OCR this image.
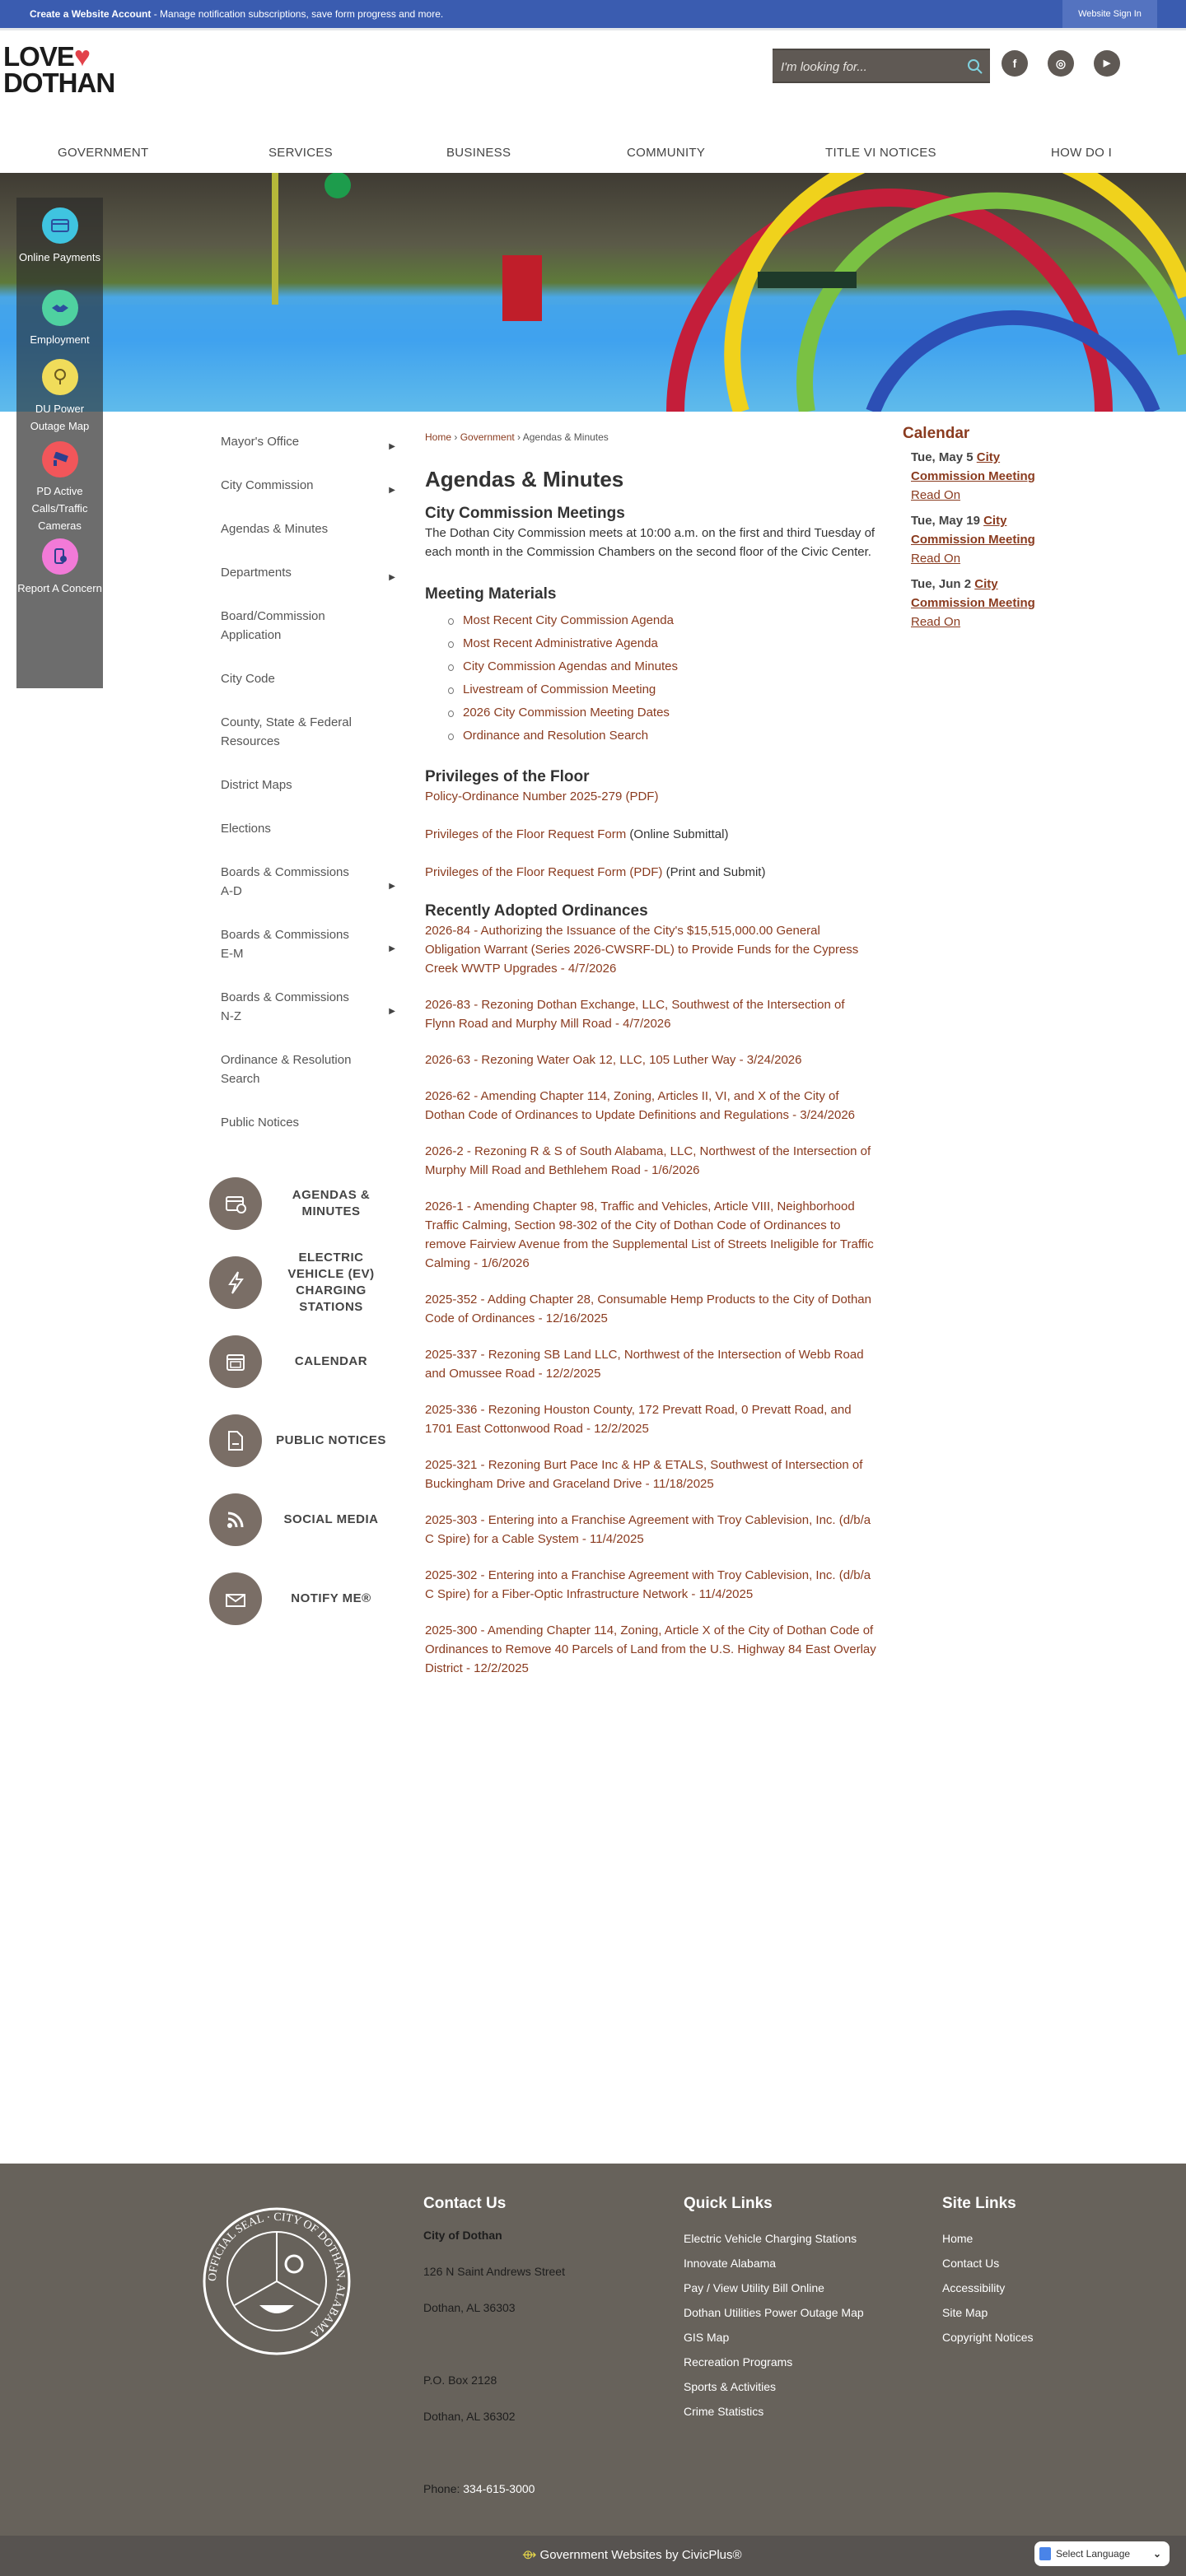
Create a Website Account - Manage notification subscriptions, save form progress and more.	Website Sign In
LOVE♥
DOTHAN
I'm looking for...
f	◎	▶
GOVERNMENT	SERVICES	BUSINESS	COMMUNITY	TITLE VI NOTICES	HOW DO I
Online Payments
Employment
DU Power Outage Map
PD Active Calls/Traffic Cameras
Report A Concern
Mayor's Office	▶
City Commission	▶
Agendas & Minutes
Departments	▶
Board/Commission Application
City Code
County, State & Federal Resources
District Maps
Elections
Boards & Commissions A-D	▶
Boards & Commissions E-M	▶
Boards & Commissions N-Z	▶
Ordinance & Resolution Search
Public Notices
AGENDAS & MINUTES
ELECTRIC VEHICLE (EV) CHARGING STATIONS
CALENDAR
PUBLIC NOTICES
SOCIAL MEDIA
NOTIFY ME®
Home › Government › Agendas & Minutes
Agendas & Minutes
City Commission Meetings

The Dothan City Commission meets at 10:00 a.m. on the first and third Tuesday of each month in the Commission Chambers on the second floor of the Civic Center.

Meeting Materials
Most Recent City Commission Agenda
Most Recent Administrative Agenda
City Commission Agendas and Minutes
Livestream of Commission Meeting
2026 City Commission Meeting Dates
Ordinance and Resolution Search
Privileges of the Floor
Policy-Ordinance Number 2025-279 (PDF)
Privileges of the Floor Request Form (Online Submittal)
Privileges of the Floor Request Form (PDF) (Print and Submit)
Recently Adopted Ordinances
2026-84 - Authorizing the Issuance of the City's $15,515,000.00 General Obligation Warrant (Series 2026-CWSRF-DL) to Provide Funds for the Cypress Creek WWTP Upgrades - 4/7/2026
2026-83 - Rezoning Dothan Exchange, LLC, Southwest of the Intersection of Flynn Road and Murphy Mill Road - 4/7/2026
2026-63 - Rezoning Water Oak 12, LLC, 105 Luther Way - 3/24/2026
2026-62 - Amending Chapter 114, Zoning, Articles II, VI, and X of the City of Dothan Code of Ordinances to Update Definitions and Regulations - 3/24/2026
2026-2 - Rezoning R & S of South Alabama, LLC, Northwest of the Intersection of Murphy Mill Road and Bethlehem Road - 1/6/2026
2026-1 - Amending Chapter 98, Traffic and Vehicles, Article VIII, Neighborhood Traffic Calming, Section 98-302 of the City of Dothan Code of Ordinances to remove Fairview Avenue from the Supplemental List of Streets Ineligible for Traffic Calming - 1/6/2026
2025-352 - Adding Chapter 28, Consumable Hemp Products to the City of Dothan Code of Ordinances - 12/16/2025
2025-337 - Rezoning SB Land LLC, Northwest of the Intersection of Webb Road and Omussee Road - 12/2/2025
2025-336 - Rezoning Houston County, 172 Prevatt Road, 0 Prevatt Road, and 1701 East Cottonwood Road - 12/2/2025
2025-321 - Rezoning Burt Pace Inc & HP & ETALS, Southwest of Intersection of Buckingham Drive and Graceland Drive - 11/18/2025
2025-303 - Entering into a Franchise Agreement with Troy Cablevision, Inc. (d/b/a C Spire) for a Cable System - 11/4/2025
2025-302 - Entering into a Franchise Agreement with Troy Cablevision, Inc. (d/b/a C Spire) for a Fiber-Optic Infrastructure Network - 11/4/2025
2025-300 - Amending Chapter 114, Zoning, Article X of the City of Dothan Code of Ordinances to Remove 40 Parcels of Land from the U.S. Highway 84 East Overlay District - 12/2/2025
Calendar
Tue, May 5 City Commission Meeting
Read On
Tue, May 19 City Commission Meeting
Read On
Tue, Jun 2 City Commission Meeting
Read On
OFFICIAL SEAL · CITY OF DOTHAN, ALABAMA
Contact Us
City of Dothan
126 N Saint Andrews Street
Dothan, AL 36303
P.O. Box 2128
Dothan, AL 36302
Phone: 334-615-3000
Quick Links
Electric Vehicle Charging Stations
Innovate Alabama
Pay / View Utility Bill Online
Dothan Utilities Power Outage Map
GIS Map
Recreation Programs
Sports & Activities
Crime Statistics
Site Links
Home
Contact Us
Accessibility
Site Map
Copyright Notices
⟴ Government Websites by CivicPlus®	Select Language ⌄
